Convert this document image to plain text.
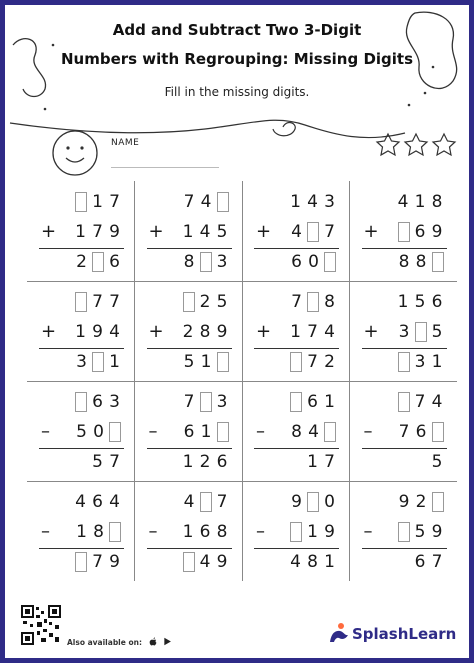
Add and Subtract Two 3-Digit
Numbers with Regrouping: Missing Digits
Fill in the missing digits.
NAME
1 7
+ 1 7 9
2 6
7 4
+ 1 4 5
8 3
1 4 3
+ 4 7
6 0
4 1 8
+ 6 9
8 8
7 7
+ 1 9 4
3 1
2 5
+ 2 8 9
5 1
7 8
+ 1 7 4
7 2
1 5 6
+ 3 5
3 1
6 3
– 5 0
5 7
7 3
– 6 1
1 2 6
6 1
– 8 4
1 7
7 4
– 7 6
5
4 6 4
– 1 8
7 9
4 7
– 1 6 8
4 9
9 0
– 1 9
4 8 1
9 2
– 5 9
6 7
Also available on:	SplashLearn
